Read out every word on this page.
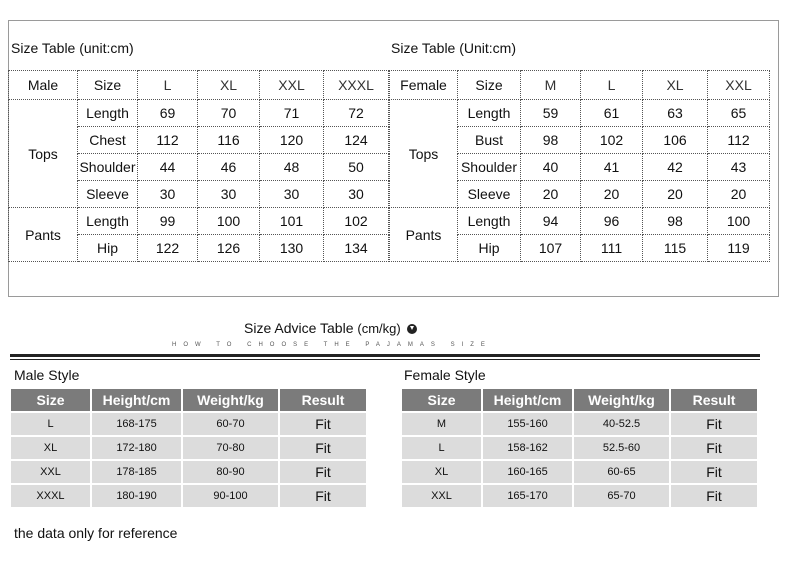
Size Table (unit:cm)	Size Table (Unit:cm)
Male	Size	L	XL	XXL	XXXL
Tops	Length	69	70	71	72
	Chest	112	116	120	124
	Shoulder	44	46	48	50
	Sleeve	30	30	30	30
Pants	Length	99	100	101	102
	Hip	122	126	130	134
Female	Size	M	L	XL	XXL
Tops	Length	59	61	63	65
	Bust	98	102	106	112
	Shoulder	40	41	42	43
	Sleeve	20	20	20	20
Pants	Length	94	96	98	100
	Hip	107	111	115	119
Size Advice Table (cm/kg)
HOW TO CHOOSE THE PAJAMAS SIZE
Male Style	Female Style
Size	Height/cm	Weight/kg	Result
L	168-175	60-70	Fit
XL	172-180	70-80	Fit
XXL	178-185	80-90	Fit
XXXL	180-190	90-100	Fit
Size	Height/cm	Weight/kg	Result
M	155-160	40-52.5	Fit
L	158-162	52.5-60	Fit
XL	160-165	60-65	Fit
XXL	165-170	65-70	Fit
the data only for reference
